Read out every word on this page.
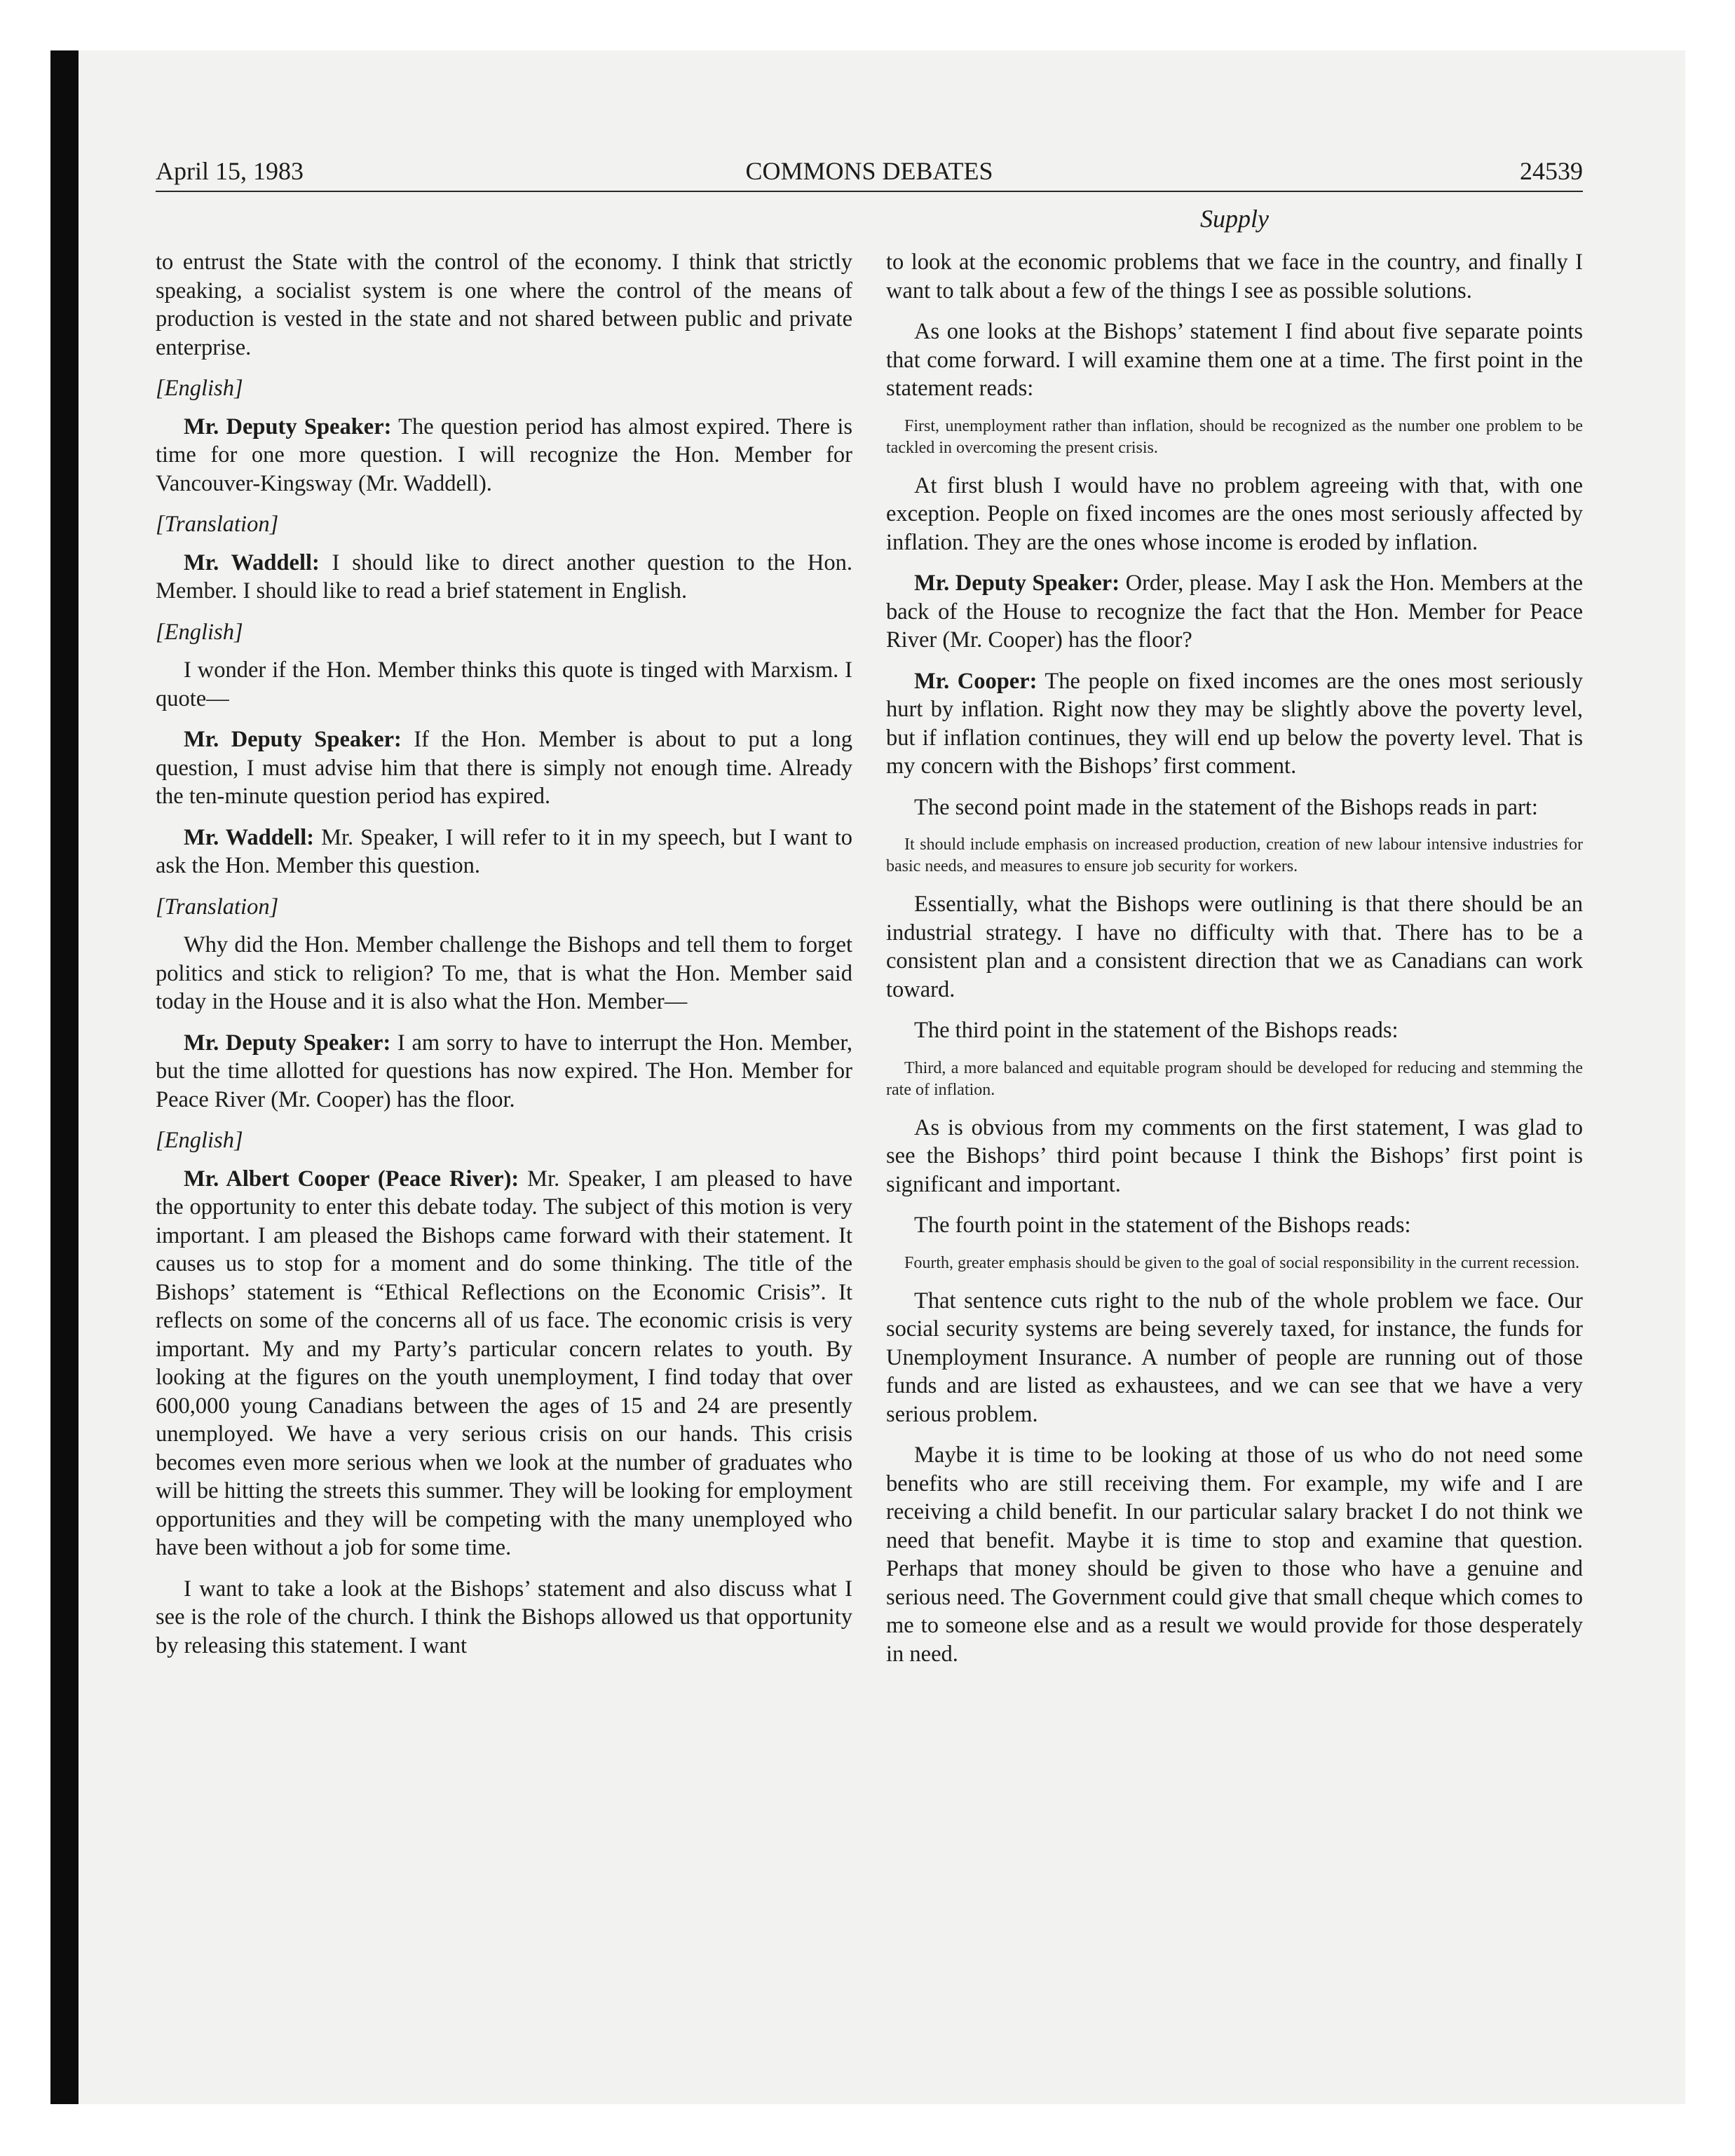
April 15, 1983	COMMONS DEBATES	24539
Supply

to entrust the State with the control of the economy. I think that strictly speaking, a socialist system is one where the control of the means of production is vested in the state and not shared between public and private enterprise.

[English]

Mr. Deputy Speaker: The question period has almost expired. There is time for one more question. I will recognize the Hon. Member for Vancouver-Kingsway (Mr. Waddell).

[Translation]

Mr. Waddell: I should like to direct another question to the Hon. Member. I should like to read a brief statement in English.

[English]

I wonder if the Hon. Member thinks this quote is tinged with Marxism. I quote—

Mr. Deputy Speaker: If the Hon. Member is about to put a long question, I must advise him that there is simply not enough time. Already the ten-minute question period has expired.

Mr. Waddell: Mr. Speaker, I will refer to it in my speech, but I want to ask the Hon. Member this question.

[Translation]

Why did the Hon. Member challenge the Bishops and tell them to forget politics and stick to religion? To me, that is what the Hon. Member said today in the House and it is also what the Hon. Member—

Mr. Deputy Speaker: I am sorry to have to interrupt the Hon. Member, but the time allotted for questions has now expired. The Hon. Member for Peace River (Mr. Cooper) has the floor.

[English]

Mr. Albert Cooper (Peace River): Mr. Speaker, I am pleased to have the opportunity to enter this debate today. The subject of this motion is very important. I am pleased the Bishops came forward with their statement. It causes us to stop for a moment and do some thinking. The title of the Bishops’ statement is “Ethical Reflections on the Economic Crisis”. It reflects on some of the concerns all of us face. The economic crisis is very important. My and my Party’s particular concern relates to youth. By looking at the figures on the youth unemployment, I find today that over 600,000 young Canadians between the ages of 15 and 24 are presently unemployed. We have a very serious crisis on our hands. This crisis becomes even more serious when we look at the number of graduates who will be hitting the streets this summer. They will be looking for employment opportunities and they will be competing with the many unemployed who have been without a job for some time.

I want to take a look at the Bishops’ statement and also discuss what I see is the role of the church. I think the Bishops allowed us that opportunity by releasing this statement. I want

to look at the economic problems that we face in the country, and finally I want to talk about a few of the things I see as possible solutions.

As one looks at the Bishops’ statement I find about five separate points that come forward. I will examine them one at a time. The first point in the statement reads:

First, unemployment rather than inflation, should be recognized as the number one problem to be tackled in overcoming the present crisis.

At first blush I would have no problem agreeing with that, with one exception. People on fixed incomes are the ones most seriously affected by inflation. They are the ones whose income is eroded by inflation.

Mr. Deputy Speaker: Order, please. May I ask the Hon. Members at the back of the House to recognize the fact that the Hon. Member for Peace River (Mr. Cooper) has the floor?

Mr. Cooper: The people on fixed incomes are the ones most seriously hurt by inflation. Right now they may be slightly above the poverty level, but if inflation continues, they will end up below the poverty level. That is my concern with the Bishops’ first comment.

The second point made in the statement of the Bishops reads in part:

It should include emphasis on increased production, creation of new labour intensive industries for basic needs, and measures to ensure job security for workers.

Essentially, what the Bishops were outlining is that there should be an industrial strategy. I have no difficulty with that. There has to be a consistent plan and a consistent direction that we as Canadians can work toward.

The third point in the statement of the Bishops reads:

Third, a more balanced and equitable program should be developed for reducing and stemming the rate of inflation.

As is obvious from my comments on the first statement, I was glad to see the Bishops’ third point because I think the Bishops’ first point is significant and important.

The fourth point in the statement of the Bishops reads:

Fourth, greater emphasis should be given to the goal of social responsibility in the current recession.

That sentence cuts right to the nub of the whole problem we face. Our social security systems are being severely taxed, for instance, the funds for Unemployment Insurance. A number of people are running out of those funds and are listed as exhaustees, and we can see that we have a very serious problem.

Maybe it is time to be looking at those of us who do not need some benefits who are still receiving them. For example, my wife and I are receiving a child benefit. In our particular salary bracket I do not think we need that benefit. Maybe it is time to stop and examine that question. Perhaps that money should be given to those who have a genuine and serious need. The Government could give that small cheque which comes to me to someone else and as a result we would provide for those desperately in need.
